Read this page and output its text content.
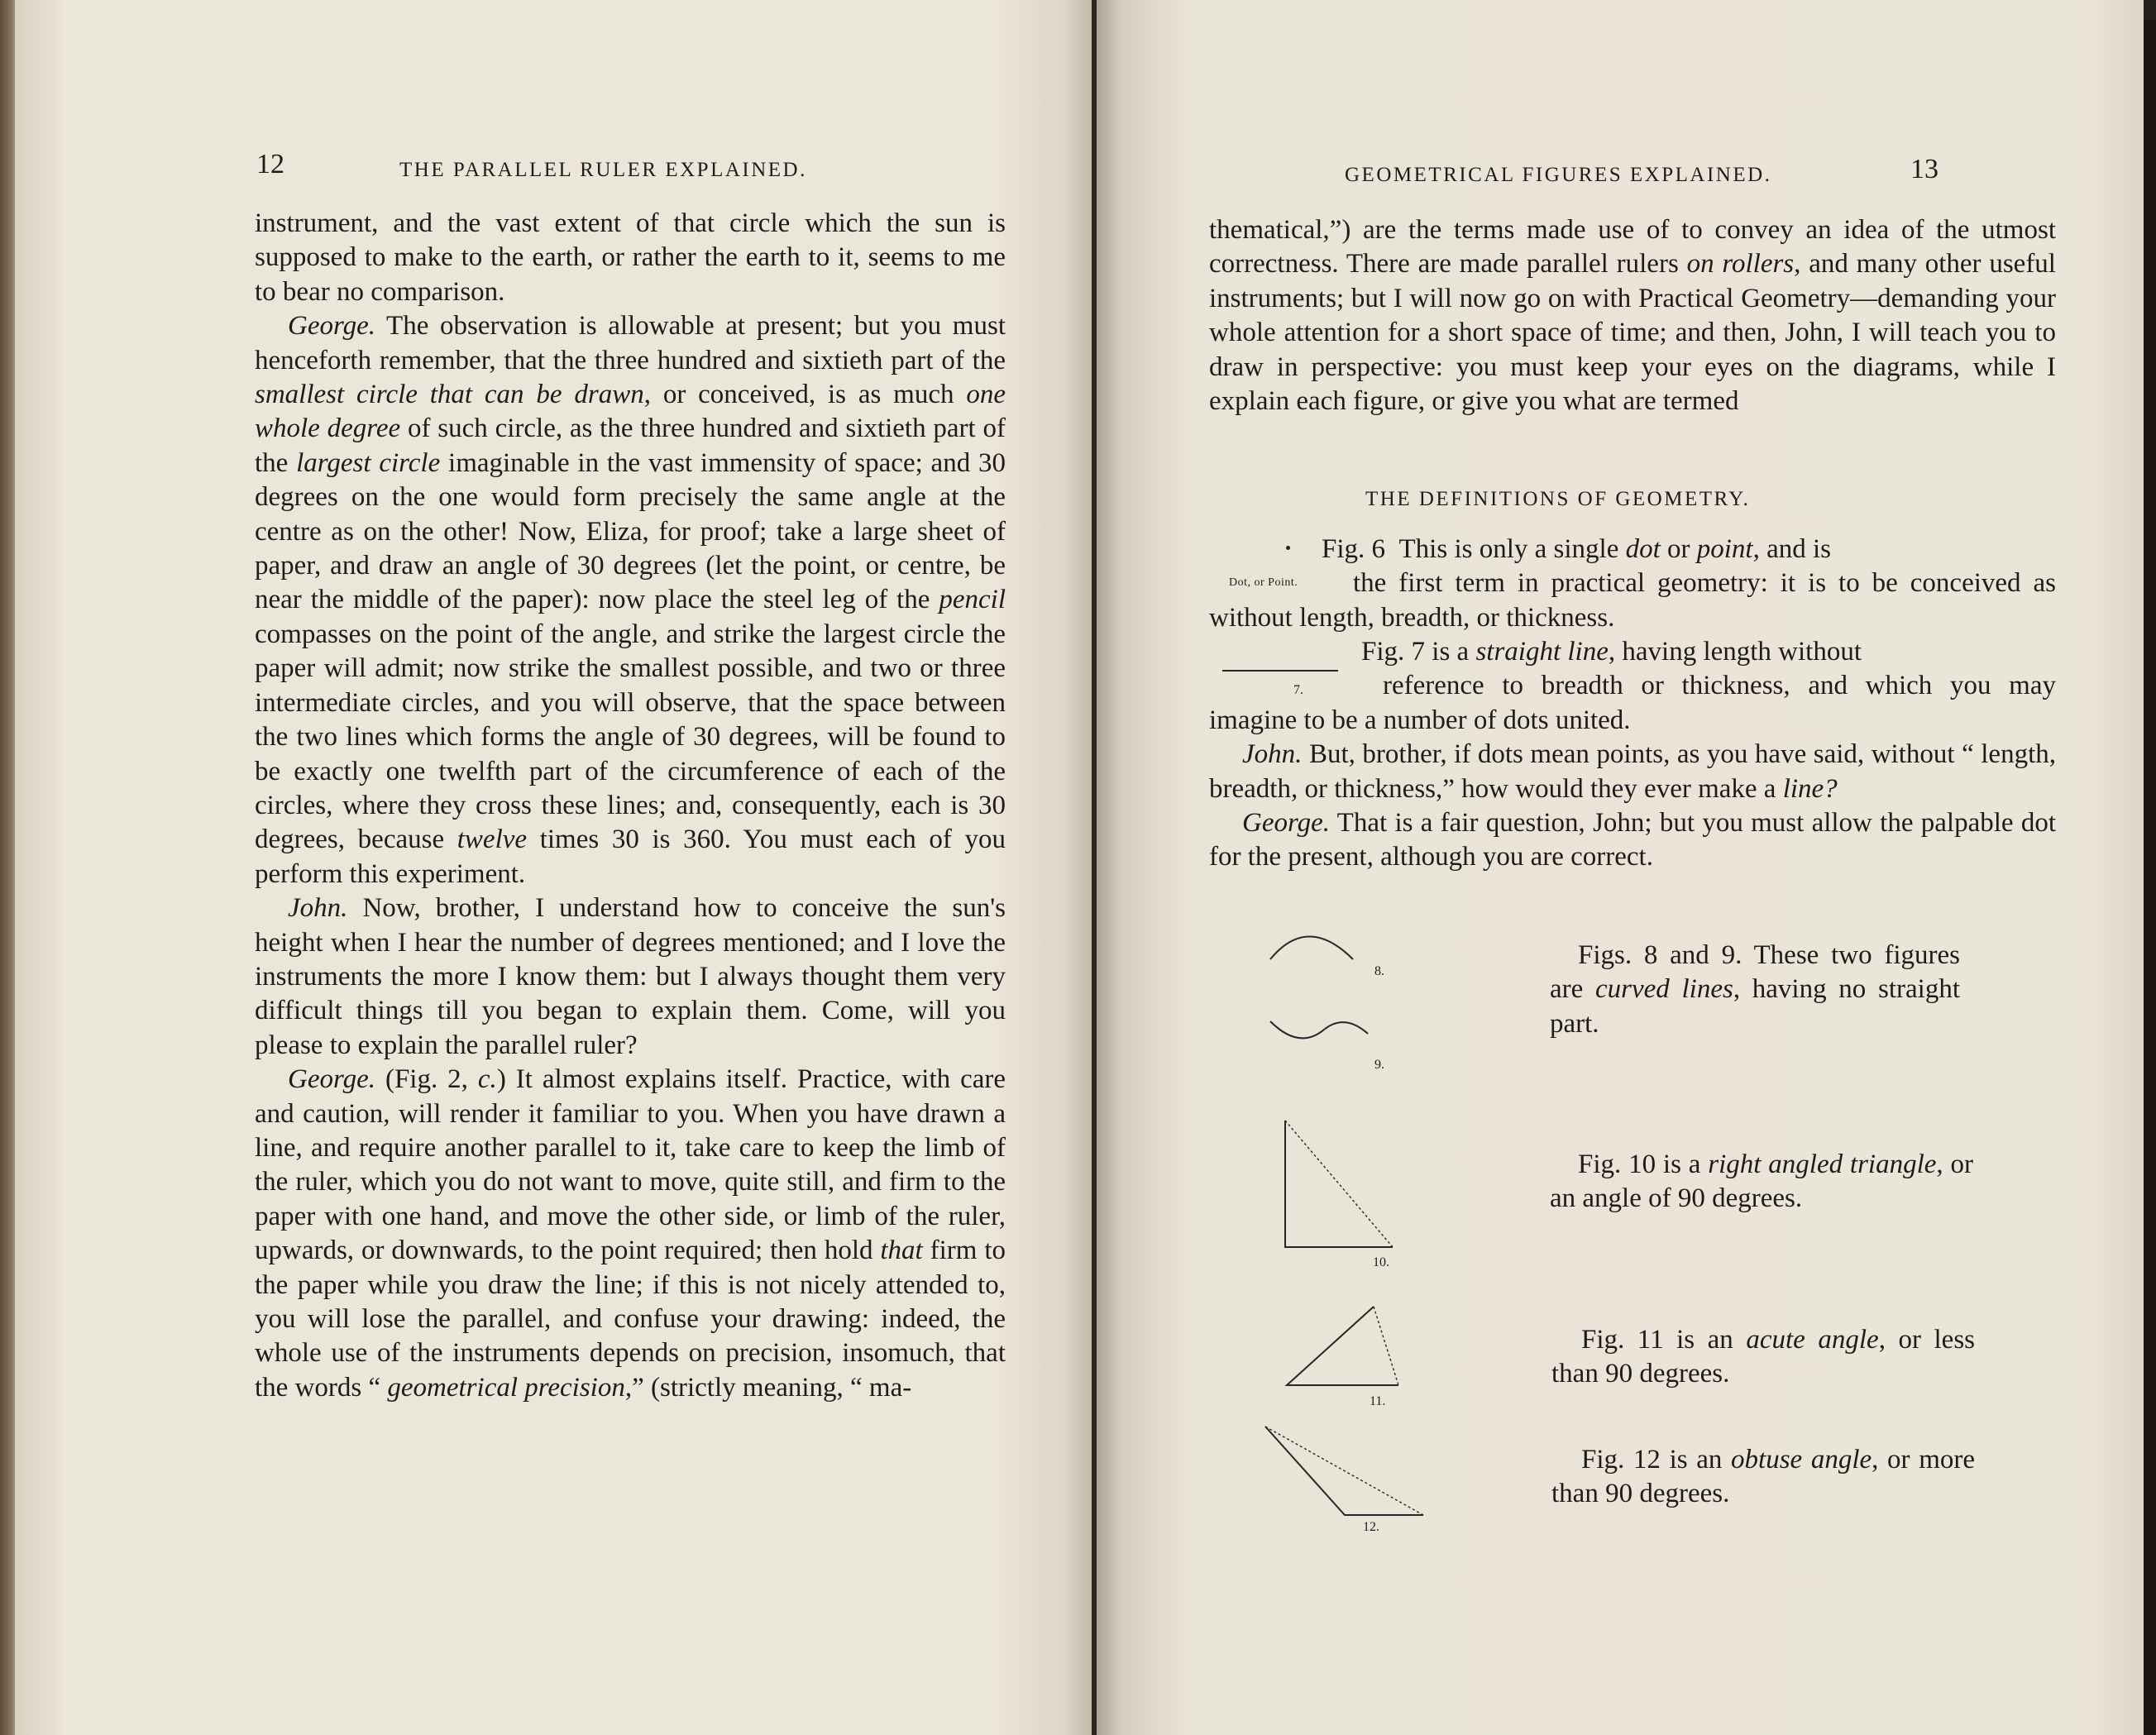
12	THE PARALLEL RULER EXPLAINED.

instrument, and the vast extent of that circle which the sun is supposed to make to the earth, or rather the earth to it, seems to me to bear no comparison.

George. The observation is allowable at present; but you must henceforth remember, that the three hundred and sixtieth part of the smallest circle that can be drawn, or conceived, is as much one whole degree of such circle, as the three hundred and sixtieth part of the largest circle imaginable in the vast immensity of space; and 30 degrees on the one would form precisely the same angle at the centre as on the other! Now, Eliza, for proof; take a large sheet of paper, and draw an angle of 30 degrees (let the point, or centre, be near the middle of the paper): now place the steel leg of the pencil compasses on the point of the angle, and strike the largest circle the paper will admit; now strike the smallest possible, and two or three intermediate circles, and you will observe, that the space between the two lines which forms the angle of 30 degrees, will be found to be exactly one twelfth part of the circumference of each of the circles, where they cross these lines; and, consequently, each is 30 degrees, because twelve times 30 is 360. You must each of you perform this experiment.

John. Now, brother, I understand how to conceive the sun's height when I hear the number of degrees mentioned; and I love the instruments the more I know them: but I always thought them very difficult things till you began to explain them. Come, will you please to explain the parallel ruler?

George. (Fig. 2, c.) It almost explains itself. Practice, with care and caution, will render it familiar to you. When you have drawn a line, and require another parallel to it, take care to keep the limb of the ruler, which you do not want to move, quite still, and firm to the paper with one hand, and move the other side, or limb of the ruler, upwards, or downwards, to the point required; then hold that firm to the paper while you draw the line; if this is not nicely attended to, you will lose the parallel, and confuse your drawing: indeed, the whole use of the instruments depends on precision, insomuch, that the words “ geometrical precision,” (strictly meaning, “ ma-

GEOMETRICAL FIGURES EXPLAINED.	13

thematical,”) are the terms made use of to convey an idea of the utmost correctness. There are made parallel rulers on rollers, and many other useful instruments; but I will now go on with Practical Geometry—demanding your whole attention for a short space of time; and then, John, I will teach you to draw in perspective: you must keep your eyes on the diagrams, while I explain each figure, or give you what are termed

THE DEFINITIONS OF GEOMETRY.
Dot, or Point.

Fig. 6  This is only a single dot or point, and is

the first term in practical geometry: it is to be conceived as without length, breadth, or thickness.

7.

Fig. 7 is a straight line, having length without

reference to breadth or thickness, and which you may imagine to be a number of dots united.

John. But, brother, if dots mean points, as you have said, without “ length, breadth, or thickness,” how would they ever make a line?

George. That is a fair question, John; but you must allow the palpable dot for the present, although you are correct.

8.
9.
10.
11.
12.
Figs. 8 and 9. These two figures are curved lines, having no straight part.
Fig. 10 is a right angled triangle, or an angle of 90 degrees.
Fig. 11 is an acute angle, or less than 90 degrees.
Fig. 12 is an obtuse angle, or more than 90 degrees.
